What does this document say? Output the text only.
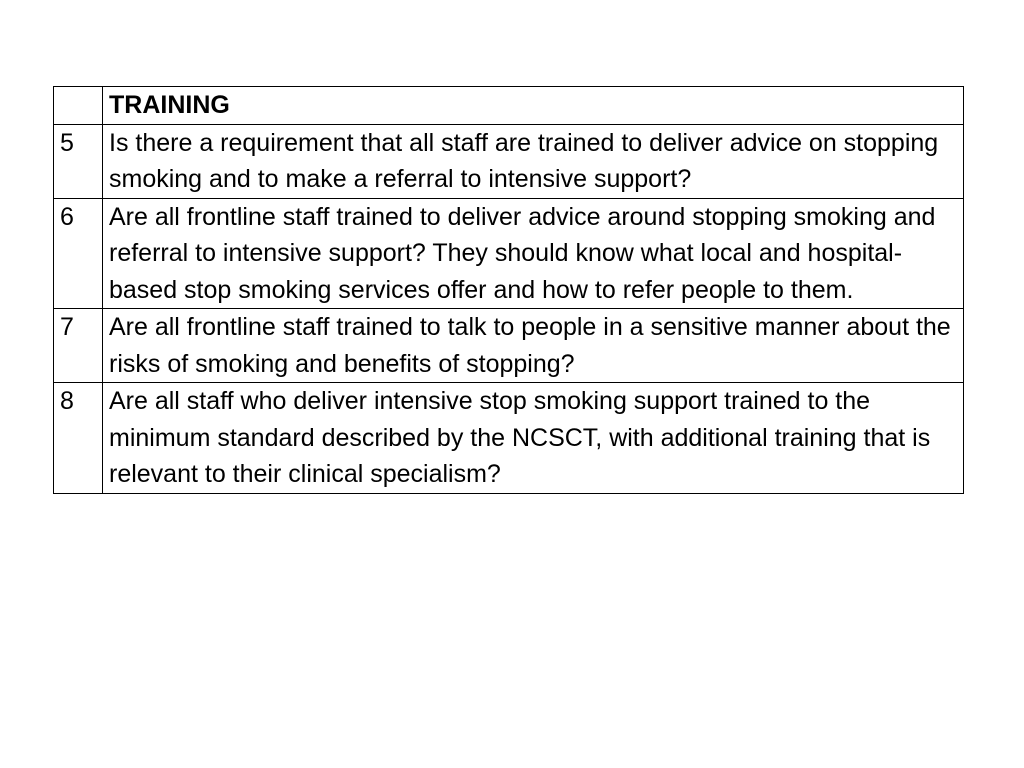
	TRAINING
5	Is there a requirement that all staff are trained to deliver advice on stopping smoking and to make a referral to intensive support?
6	Are all frontline staff trained to deliver advice around stopping smoking and referral to intensive support? They should know what local and hospital-based stop smoking services offer and how to refer people to them.
7	Are all frontline staff trained to talk to people in a sensitive manner about the risks of smoking and benefits of stopping?
8	Are all staff who deliver intensive stop smoking support trained to the minimum standard described by the NCSCT, with additional training that is relevant to their clinical specialism?
